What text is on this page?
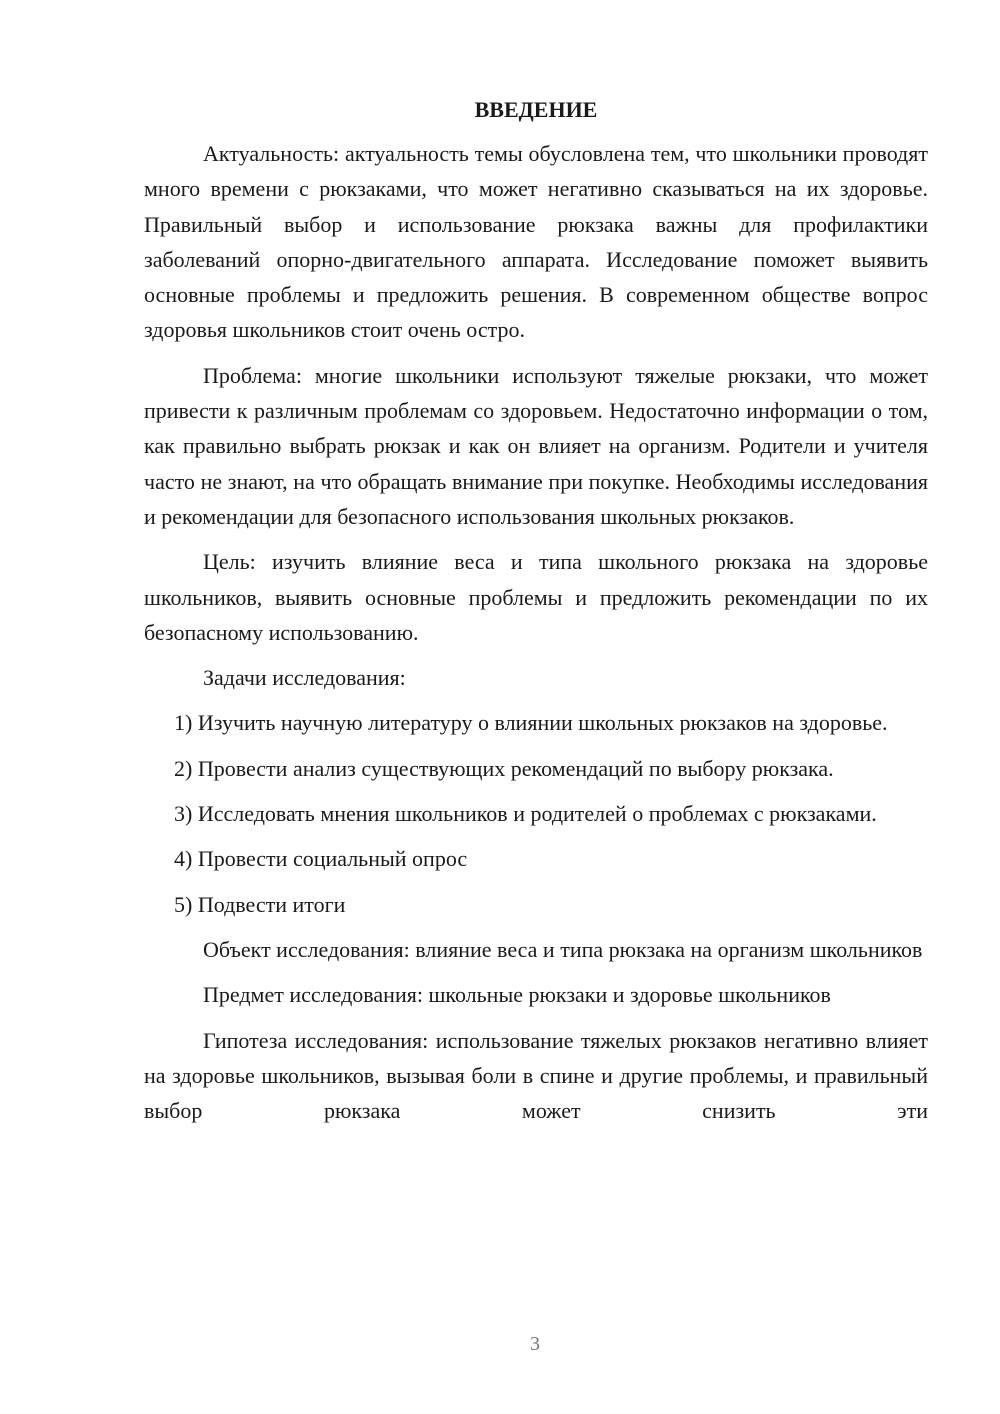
ВВЕДЕНИЕ

Актуальность: актуальность темы обусловлена тем, что школьники проводят много времени с рюкзаками, что может негативно сказываться на их здоровье. Правильный выбор и использование рюкзака важны для профилактики заболеваний опорно-двигательного аппарата. Исследование поможет выявить основные проблемы и предложить решения. В современном обществе вопрос здоровья школьников стоит очень остро.

Проблема: многие школьники используют тяжелые рюкзаки, что может привести к различным проблемам со здоровьем. Недостаточно информации о том, как правильно выбрать рюкзак и как он влияет на организм. Родители и учителя часто не знают, на что обращать внимание при покупке. Необходимы исследования и рекомендации для безопасного использования школьных рюкзаков.

Цель: изучить влияние веса и типа школьного рюкзака на здоровье школьников, выявить основные проблемы и предложить рекомендации по их безопасному использованию.

Задачи исследования:

1) Изучить научную литературу о влиянии школьных рюкзаков на здоровье.

2) Провести анализ существующих рекомендаций по выбору рюкзака.

3) Исследовать мнения школьников и родителей о проблемах с рюкзаками.

4) Провести социальный опрос

5) Подвести итоги

Объект исследования: влияние веса и типа рюкзака на организм школьников

Предмет исследования: школьные рюкзаки и здоровье школьников

Гипотеза исследования: использование тяжелых рюкзаков негативно влияет на здоровье школьников, вызывая боли в спине и другие проблемы, и правильный выбор рюкзака может снизить эти

3
